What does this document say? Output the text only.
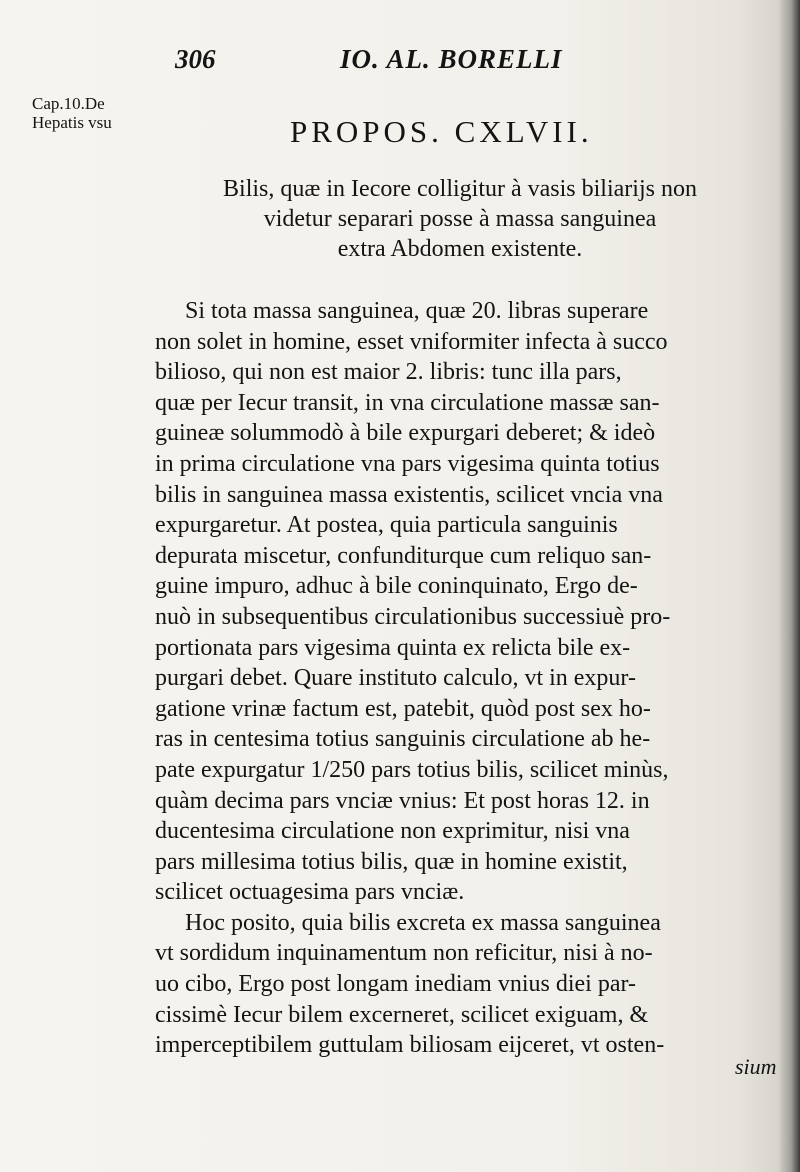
306	IO. AL. BORELLI
Cap.10.De
Hepatis vsu	PROPOS. CXLVII.
Bilis, quæ in Iecore colligitur à vasis biliarijs non
videtur separari posse à massa sanguinea
extra Abdomen existente.
Si tota massa sanguinea, quæ 20. libras superare
non solet in homine, esset vniformiter infecta à succo
bilioso, qui non est maior 2. libris: tunc illa pars,
quæ per Iecur transit, in vna circulatione massæ san-
guineæ solummodò à bile expurgari deberet; & ideò
in prima circulatione vna pars vigesima quinta totius
bilis in sanguinea massa existentis, scilicet vncia vna
expurgaretur. At postea, quia particula sanguinis
depurata miscetur, confunditurque cum reliquo san-
guine impuro, adhuc à bile coninquinato, Ergo de-
nuò in subsequentibus circulationibus successiuè pro-
portionata pars vigesima quinta ex relicta bile ex-
purgari debet. Quare instituto calculo, vt in expur-
gatione vrinæ factum est, patebit, quòd post sex ho-
ras in centesima totius sanguinis circulatione ab he-
pate expurgatur 1/250 pars totius bilis, scilicet minùs,
quàm decima pars vnciæ vnius: Et post horas 12. in
ducentesima circulatione non exprimitur, nisi vna
pars millesima totius bilis, quæ in homine existit,
scilicet octuagesima pars vnciæ.
Hoc posito, quia bilis excreta ex massa sanguinea
vt sordidum inquinamentum non reficitur, nisi à no-
uo cibo, Ergo post longam inediam vnius diei par-
cissimè Iecur bilem excerneret, scilicet exiguam, &
imperceptibilem guttulam biliosam eijceret, vt osten-
sium
